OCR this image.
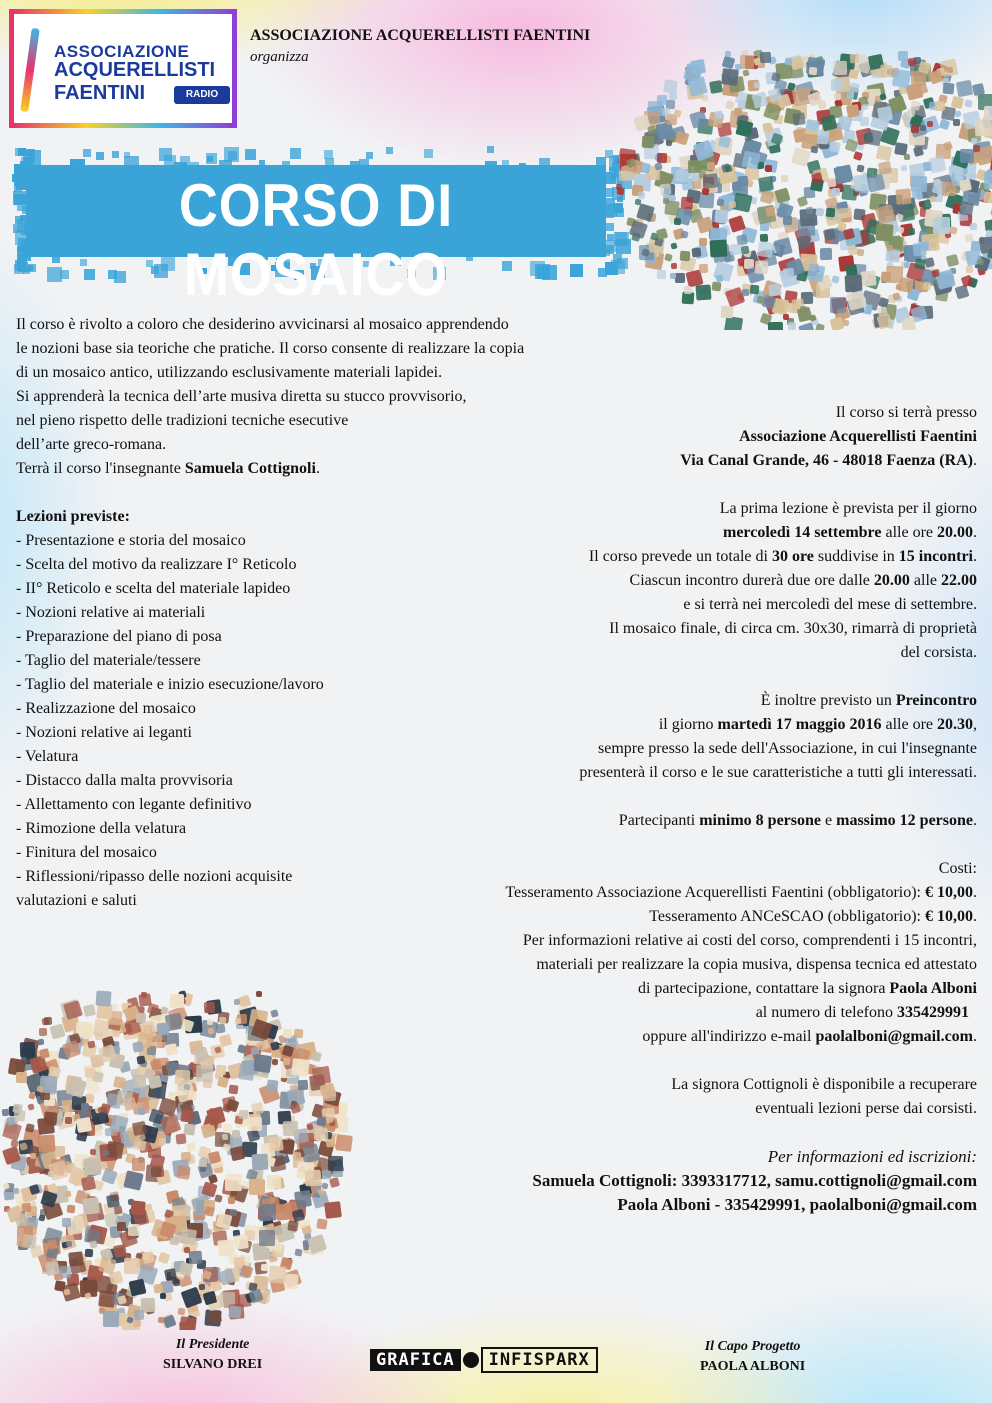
ASSOCIAZIONE
ACQUERELLISTI
FAENTINI	RADIO RCB
ASSOCIAZIONE ACQUERELLISTI FAENTINI
organizza
CORSO DI MOSAICO
Il corso è rivolto a coloro che desiderino avvicinarsi al mosaico apprendendo
le nozioni base sia teoriche che pratiche. Il corso consente di realizzare la copia
di un mosaico antico, utilizzando esclusivamente materiali lapidei.
Si apprenderà la tecnica dell’arte musiva diretta su stucco provvisorio,
nel pieno rispetto delle tradizioni tecniche esecutive
dell’arte greco-romana.
Terrà il corso l'insegnante Samuela Cottignoli.
Lezioni previste:
- Presentazione e storia del mosaico
- Scelta del motivo da realizzare I° Reticolo
- II° Reticolo e scelta del materiale lapideo
- Nozioni relative ai materiali
- Preparazione del piano di posa
- Taglio del materiale/tessere
- Taglio del materiale e inizio esecuzione/lavoro
- Realizzazione del mosaico
- Nozioni relative ai leganti
- Velatura
- Distacco dalla malta provvisoria
- Allettamento con legante definitivo
- Rimozione della velatura
- Finitura del mosaico
- Riflessioni/ripasso delle nozioni acquisite
valutazioni e saluti
Il corso si terrà presso
Associazione Acquerellisti Faentini
Via Canal Grande, 46 - 48018 Faenza (RA).
La prima lezione è prevista per il giorno
mercoledì 14 settembre alle ore 20.00.
Il corso prevede un totale di 30 ore suddivise in 15 incontri.
Ciascun incontro durerà due ore dalle 20.00 alle 22.00
e si terrà nei mercoledì del mese di settembre.
Il mosaico finale, di circa cm. 30x30, rimarrà di proprietà
del corsista.
È inoltre previsto un Preincontro
il giorno martedì 17 maggio 2016 alle ore 20.30,
sempre presso la sede dell'Associazione, in cui l'insegnante
presenterà il corso e le sue caratteristiche a tutti gli interessati.
Partecipanti minimo 8 persone e massimo 12 persone.
Costi:
Tesseramento Associazione Acquerellisti Faentini (obbligatorio): € 10,00.
Tesseramento ANCeSCAO (obbligatorio): € 10,00.
Per informazioni relative ai costi del corso, comprendenti i 15 incontri,
materiali per realizzare la copia musiva, dispensa tecnica ed attestato
di partecipazione, contattare la signora Paola Alboni
al numero di telefono 335429991
oppure all'indirizzo e-mail paolalboni@gmail.com.
La signora Cottignoli è disponibile a recuperare
eventuali lezioni perse dai corsisti.
Per informazioni ed iscrizioni:
Samuela Cottignoli: 3393317712, samu.cottignoli@gmail.com
Paola Alboni - 335429991, paolalboni@gmail.com
Il Presidente
SILVANO DREI	GRAFICA	INFISPARX
Il Capo Progetto
PAOLA ALBONI
